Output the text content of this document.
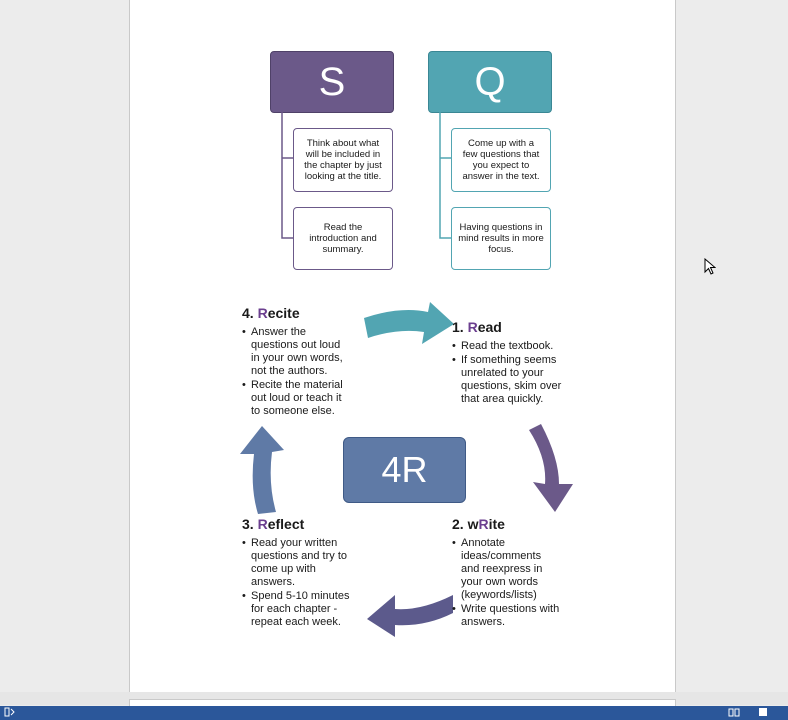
S	Q
Think about what
will be included in
the chapter by just
looking at the title.
Read the
introduction and
summary.
Come up with a
few questions that
you expect to
answer in the text.
Having questions in
mind results in more
focus.
4R
4. Recite
• Answer the
questions out loud
in your own words,
not the authors.
• Recite the material
out loud or teach it
to someone else.
1. Read
• Read the textbook.
• If something seems
unrelated to your
questions, skim over
that area quickly.
2. wRite
• Annotate
ideas/comments
and reexpress in
your own words
(keywords/lists)
• Write questions with
answers.
3. Reflect
• Read your written
questions and try to
come up with
answers.
• Spend 5-10 minutes
for each chapter -
repeat each week.
